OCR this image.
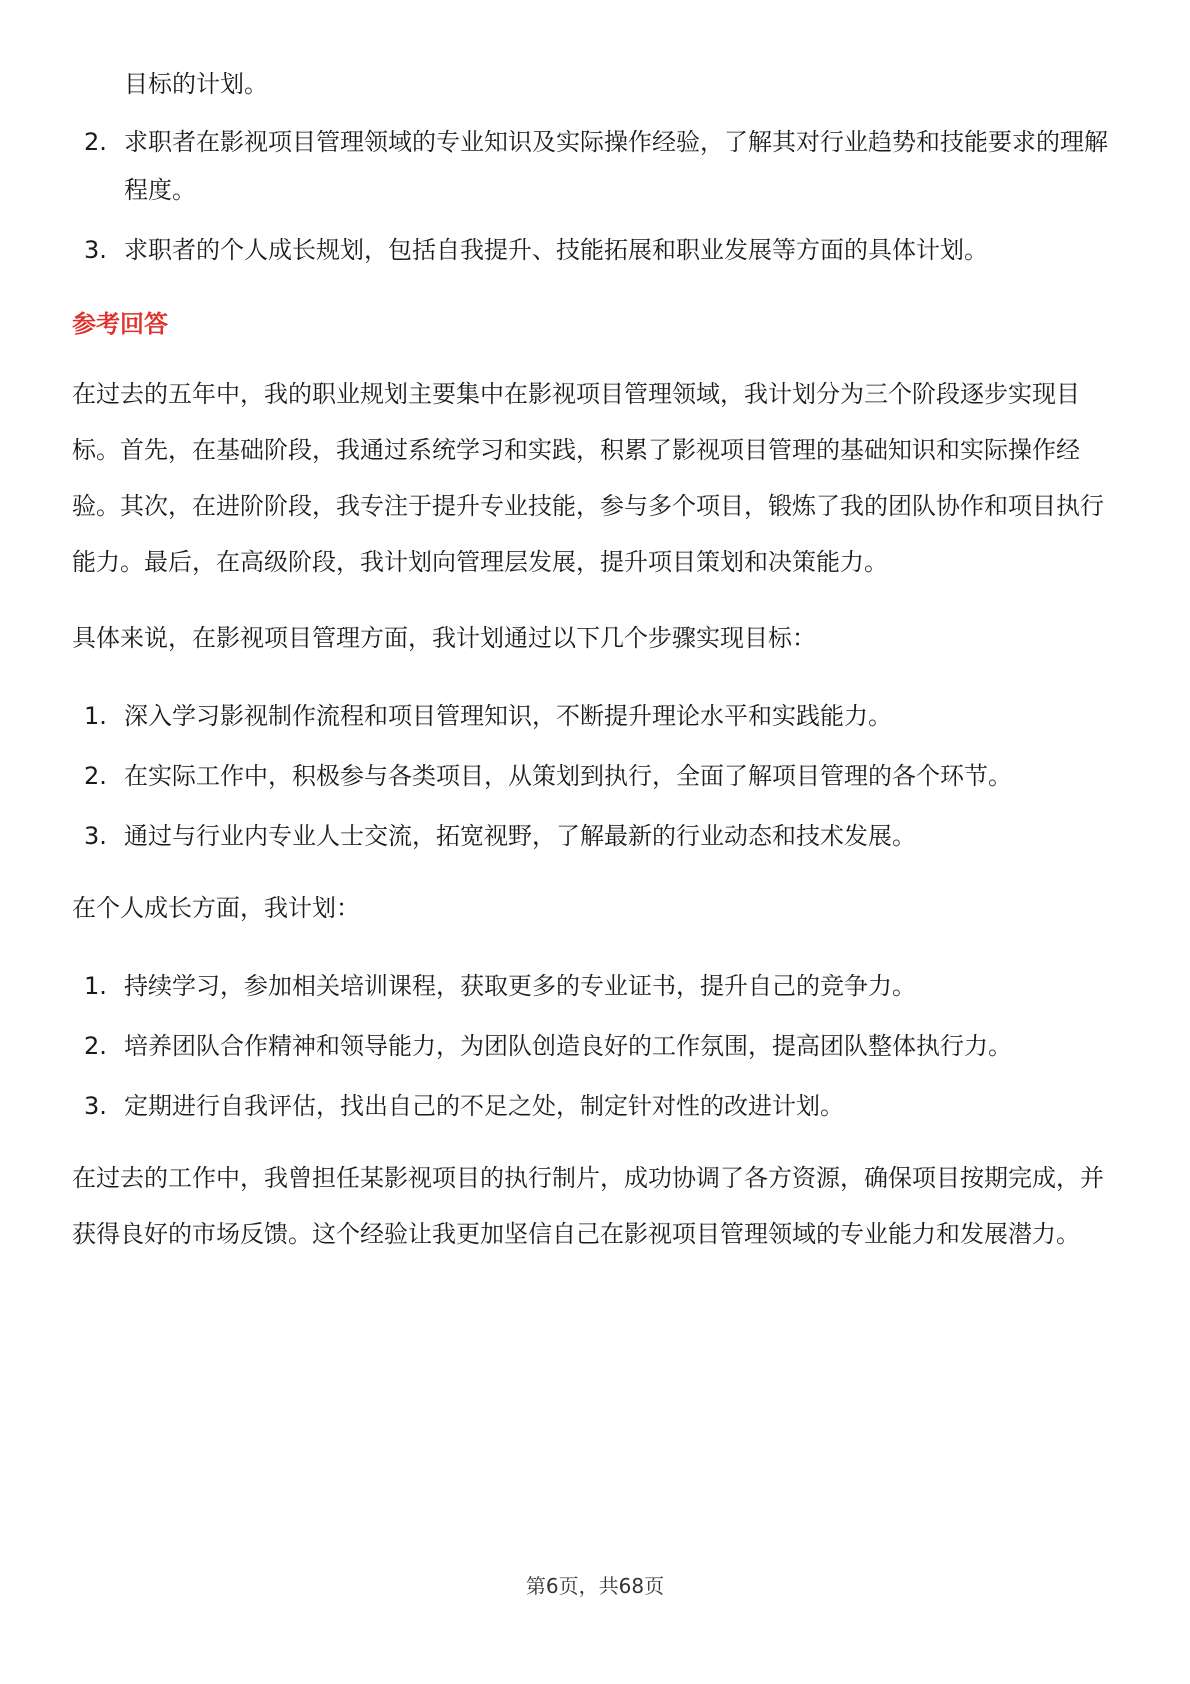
目标的计划。
2. 求职者在影视项目管理领域的专业知识及实际操作经验，了解其对行业趋势和技能要求的理解程度。
3. 求职者的个人成长规划，包括自我提升、技能拓展和职业发展等方面的具体计划。
参考回答

在过去的五年中，我的职业规划主要集中在影视项目管理领域，我计划分为三个阶段逐步实现目标。首先，在基础阶段，我通过系统学习和实践，积累了影视项目管理的基础知识和实际操作经验。其次，在进阶阶段，我专注于提升专业技能，参与多个项目，锻炼了我的团队协作和项目执行能力。最后，在高级阶段，我计划向管理层发展，提升项目策划和决策能力。

具体来说，在影视项目管理方面，我计划通过以下几个步骤实现目标：

1. 深入学习影视制作流程和项目管理知识，不断提升理论水平和实践能力。
2. 在实际工作中，积极参与各类项目，从策划到执行，全面了解项目管理的各个环节。
3. 通过与行业内专业人士交流，拓宽视野，了解最新的行业动态和技术发展。

在个人成长方面，我计划：

1. 持续学习，参加相关培训课程，获取更多的专业证书，提升自己的竞争力。
2. 培养团队合作精神和领导能力，为团队创造良好的工作氛围，提高团队整体执行力。
3. 定期进行自我评估，找出自己的不足之处，制定针对性的改进计划。

在过去的工作中，我曾担任某影视项目的执行制片，成功协调了各方资源，确保项目按期完成，并获得良好的市场反馈。这个经验让我更加坚信自己在影视项目管理领域的专业能力和发展潜力。

第6页，共68页
